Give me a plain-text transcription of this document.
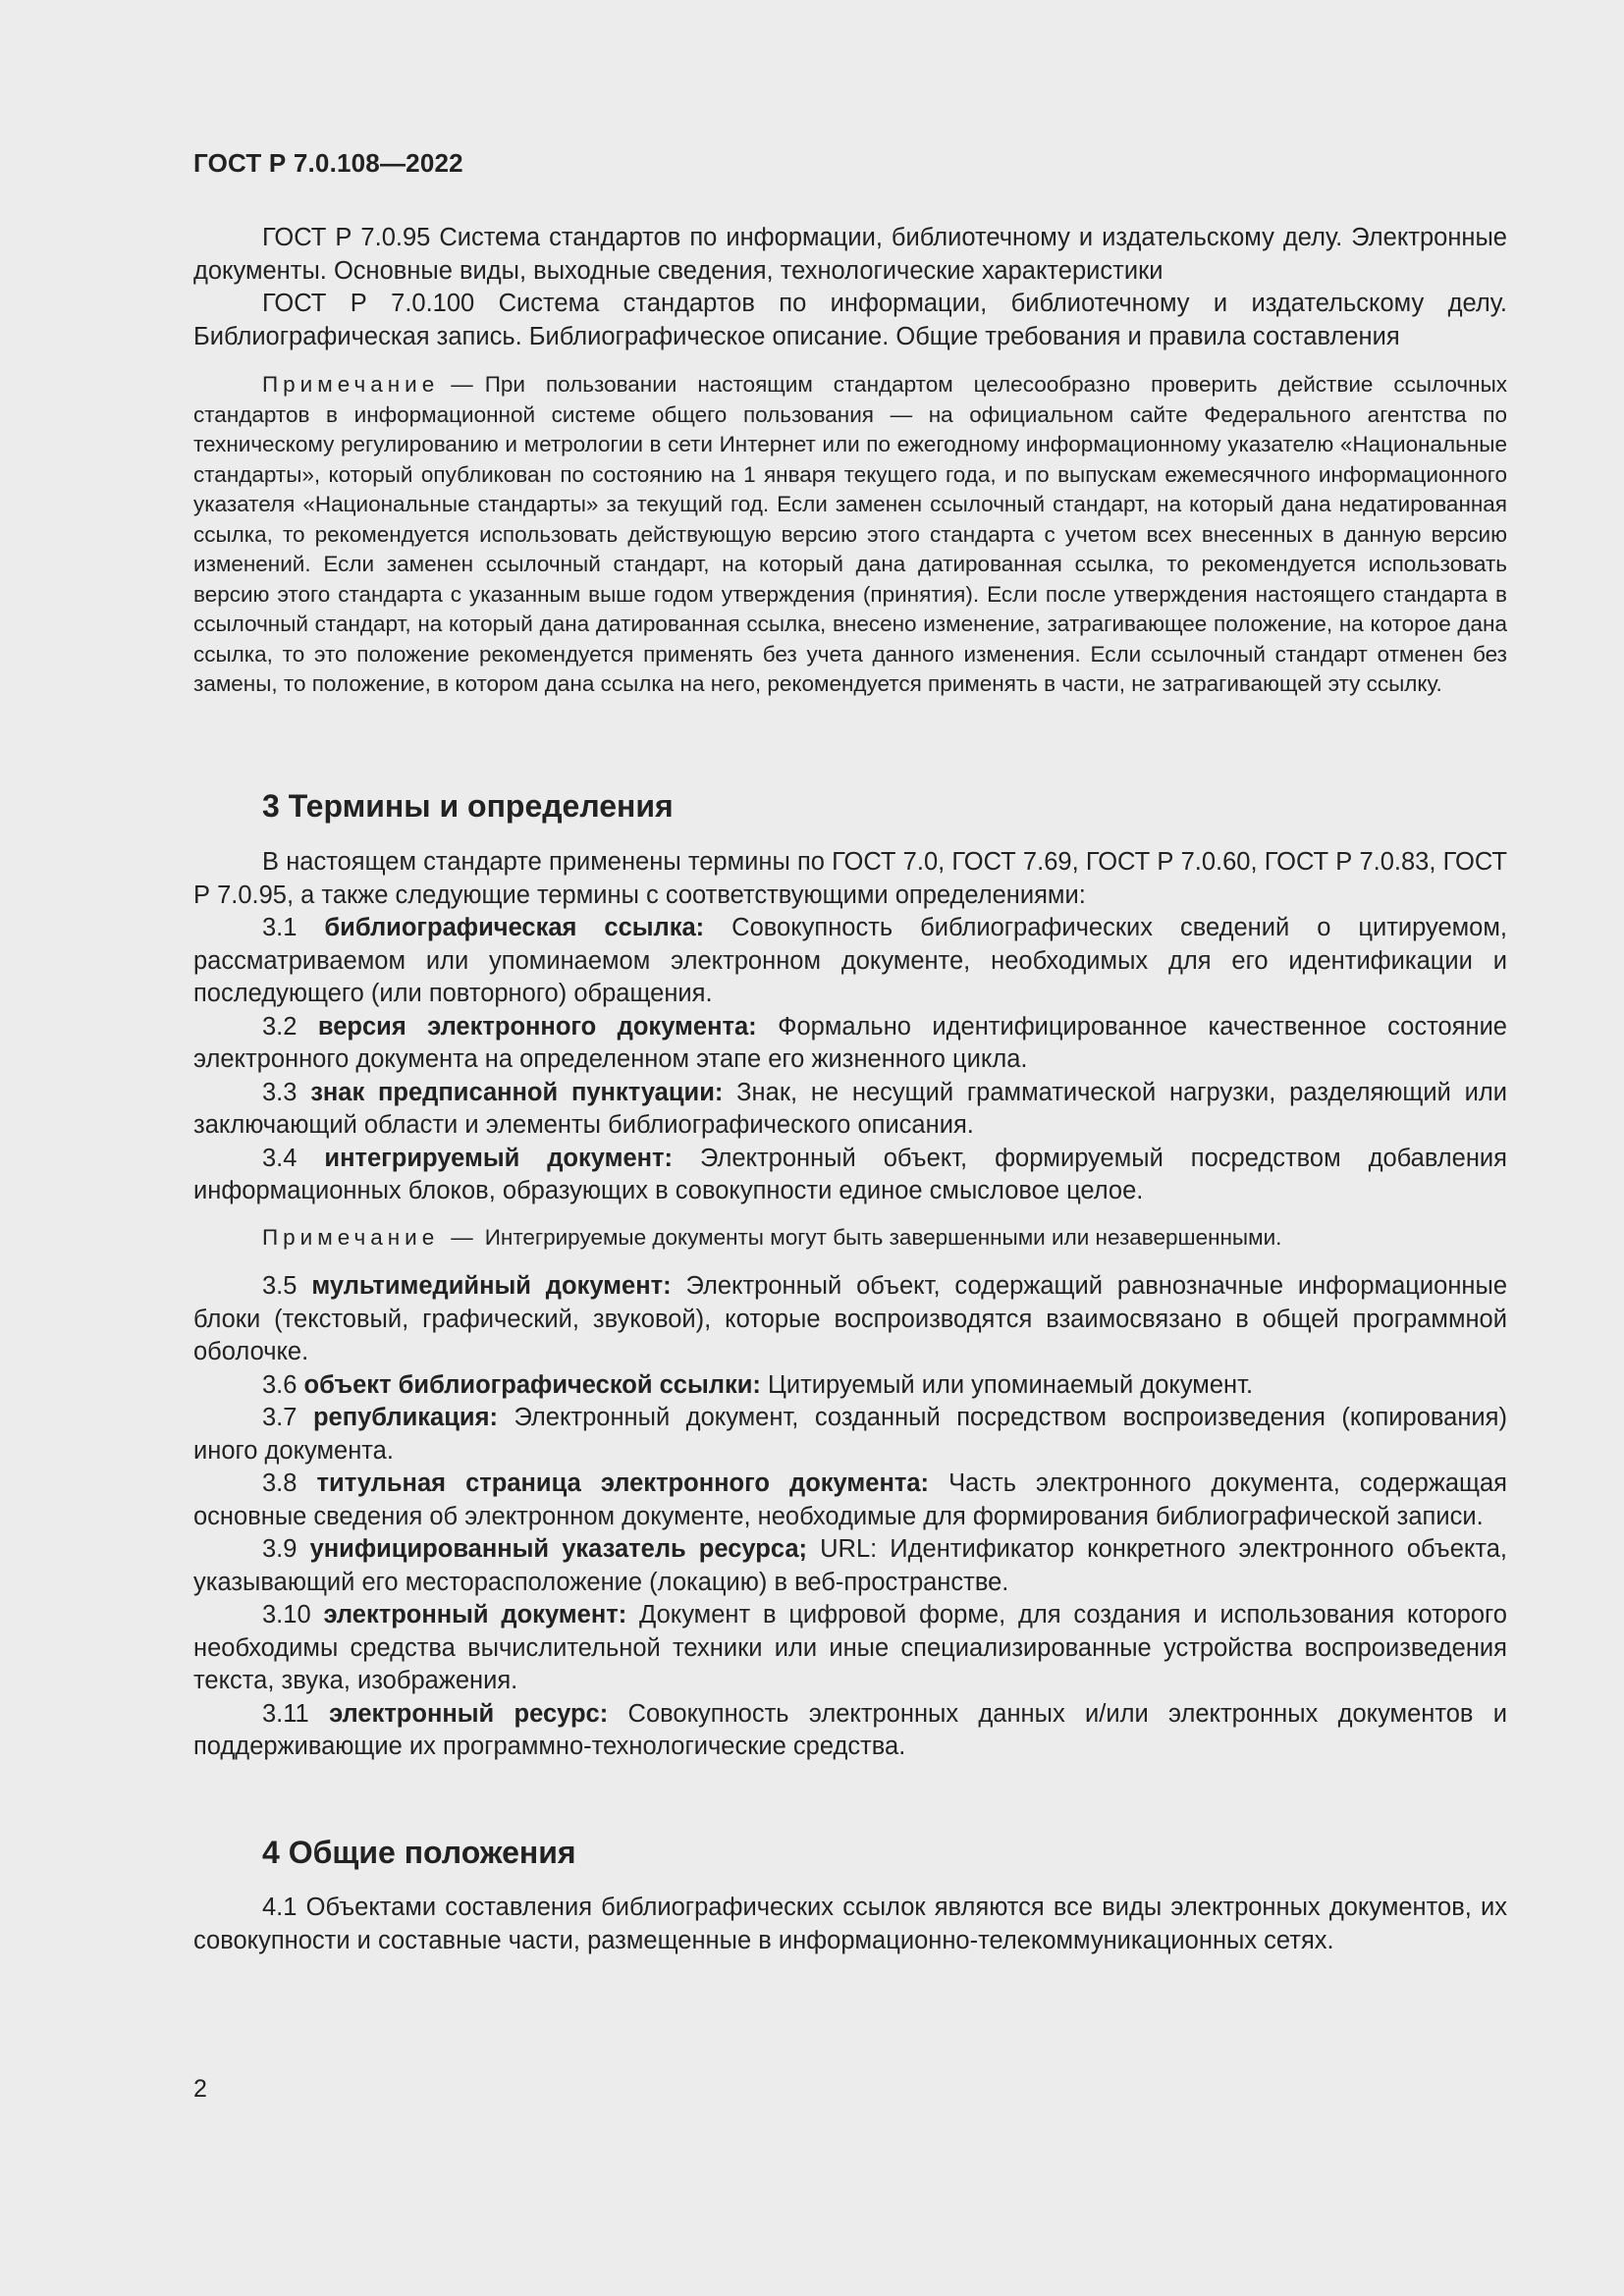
ГОСТ Р 7.0.108—2022

ГОСТ Р 7.0.95 Система стандартов по информации, библиотечному и издательскому делу. Электронные документы. Основные виды, выходные сведения, технологические характеристики

ГОСТ Р 7.0.100 Система стандартов по информации, библиотечному и издательскому делу. Библиографическая запись. Библиографическое описание. Общие требования и правила составления

Примечание — При пользовании настоящим стандартом целесообразно проверить действие ссылочных стандартов в информационной системе общего пользования — на официальном сайте Федерального агентства по техническому регулированию и метрологии в сети Интернет или по ежегодному информационному указателю «Национальные стандарты», который опубликован по состоянию на 1 января текущего года, и по выпускам ежемесячного информационного указателя «Национальные стандарты» за текущий год. Если заменен ссылочный стандарт, на который дана недатированная ссылка, то рекомендуется использовать действующую версию этого стандарта с учетом всех внесенных в данную версию изменений. Если заменен ссылочный стандарт, на который дана датированная ссылка, то рекомендуется использовать версию этого стандарта с указанным выше годом утверждения (принятия). Если после утверждения настоящего стандарта в ссылочный стандарт, на который дана датированная ссылка, внесено изменение, затрагивающее положение, на которое дана ссылка, то это положение рекомендуется применять без учета данного изменения. Если ссылочный стандарт отменен без замены, то положение, в котором дана ссылка на него, рекомендуется применять в части, не затрагивающей эту ссылку.

3 Термины и определения

В настоящем стандарте применены термины по ГОСТ 7.0, ГОСТ 7.69, ГОСТ Р 7.0.60, ГОСТ Р 7.0.83, ГОСТ Р 7.0.95, а также следующие термины с соответствующими определениями:

3.1 библиографическая ссылка: Совокупность библиографических сведений о цитируемом, рассматриваемом или упоминаемом электронном документе, необходимых для его идентификации и последующего (или повторного) обращения.

3.2 версия электронного документа: Формально идентифицированное качественное состояние электронного документа на определенном этапе его жизненного цикла.

3.3 знак предписанной пунктуации: Знак, не несущий грамматической нагрузки, разделяющий или заключающий области и элементы библиографического описания.

3.4 интегрируемый документ: Электронный объект, формируемый посредством добавления информационных блоков, образующих в совокупности единое смысловое целое.

Примечание — Интегрируемые документы могут быть завершенными или незавершенными.

3.5 мультимедийный документ: Электронный объект, содержащий равнозначные информационные блоки (текстовый, графический, звуковой), которые воспроизводятся взаимосвязано в общей программной оболочке.

3.6 объект библиографической ссылки: Цитируемый или упоминаемый документ.

3.7 републикация: Электронный документ, созданный посредством воспроизведения (копирования) иного документа.

3.8 титульная страница электронного документа: Часть электронного документа, содержащая основные сведения об электронном документе, необходимые для формирования библиографической записи.

3.9 унифицированный указатель ресурса; URL: Идентификатор конкретного электронного объекта, указывающий его месторасположение (локацию) в веб-пространстве.

3.10 электронный документ: Документ в цифровой форме, для создания и использования которого необходимы средства вычислительной техники или иные специализированные устройства воспроизведения текста, звука, изображения.

3.11 электронный ресурс: Совокупность электронных данных и/или электронных документов и поддерживающие их программно-технологические средства.

4 Общие положения

4.1 Объектами составления библиографических ссылок являются все виды электронных документов, их совокупности и составные части, размещенные в информационно-телекоммуникационных сетях.

2
